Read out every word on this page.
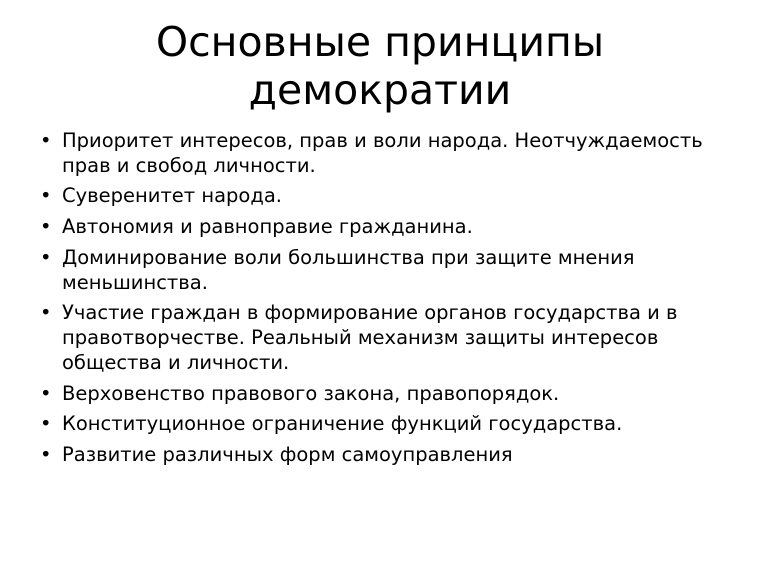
Основные принципы демократии
• Приоритет интересов, прав и воли народа. Неотчуждаемость прав и свобод личности.
• Суверенитет народа.
• Автономия и равноправие гражданина.
• Доминирование воли большинства при защите мнения меньшинства.
• Участие граждан в формирование органов государства и в правотворчестве. Реальный механизм защиты интересов общества и личности.
• Верховенство правового закона, правопорядок.
• Конституционное ограничение функций государства.
• Развитие различных форм самоуправления
